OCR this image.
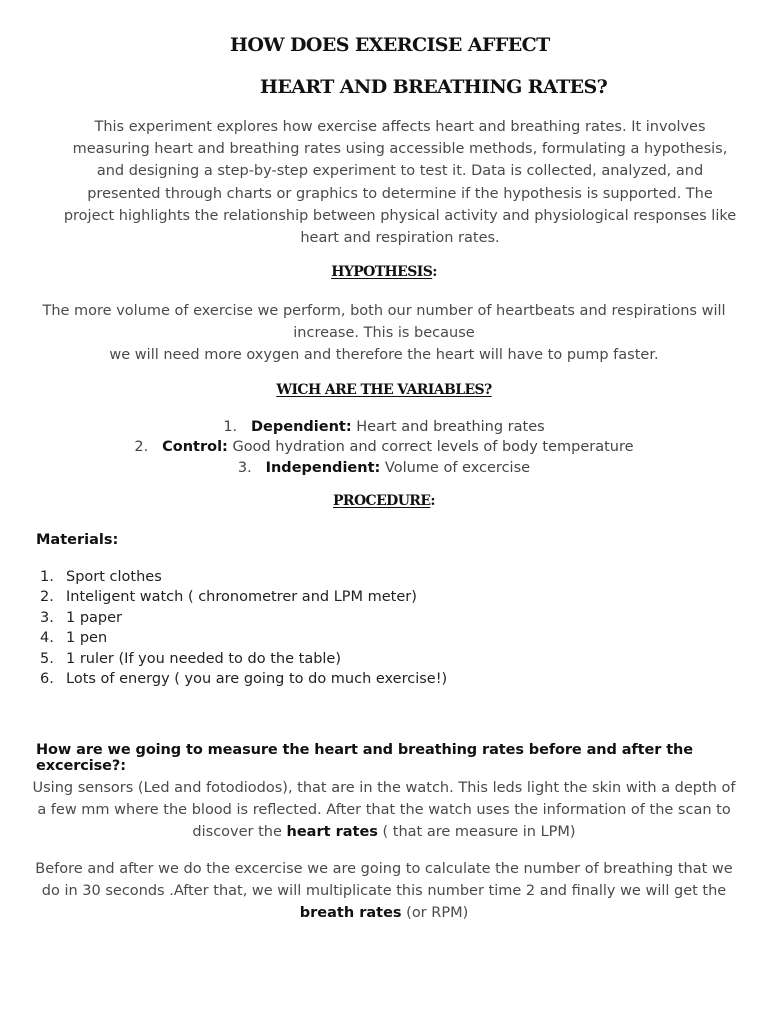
HOW DOES EXERCISE AFFECT
HEART AND BREATHING RATES?
This experiment explores how exercise affects heart and breathing rates. It involves measuring heart and breathing rates using accessible methods, formulating a hypothesis, and designing a step-by-step experiment to test it. Data is collected, analyzed, and presented through charts or graphics to determine if the hypothesis is supported. The project highlights the relationship between physical activity and physiological responses like heart and respiration rates.
HYPOTHESIS:
The more volume of exercise we perform, both our number of heartbeats and respirations will increase. This is because
we will need more oxygen and therefore the heart will have to pump faster.
WICH ARE THE VARIABLES?
1. Dependient: Heart and breathing rates
2. Control: Good hydration and correct levels of body temperature
3. Independient: Volume of excercise
PROCEDURE:
Materials:
1. Sport clothes
2. Inteligent watch ( chronometrer and LPM meter)
3. 1 paper
4. 1 pen
5. 1 ruler (If you needed to do the table)
6. Lots of energy ( you are going to do much exercise!)
How are we going to measure the heart and breathing rates before and after the excercise?:
Using sensors (Led and fotodiodos), that are in the watch. This leds light the skin with a depth of a few mm where the blood is reflected. After that the watch uses the information of the scan to discover the heart rates ( that are measure in LPM)
Before and after we do the excercise we are going to calculate the number of breathing that we do in 30 seconds .After that, we will multiplicate this number time 2 and finally we will get the breath rates (or RPM)
